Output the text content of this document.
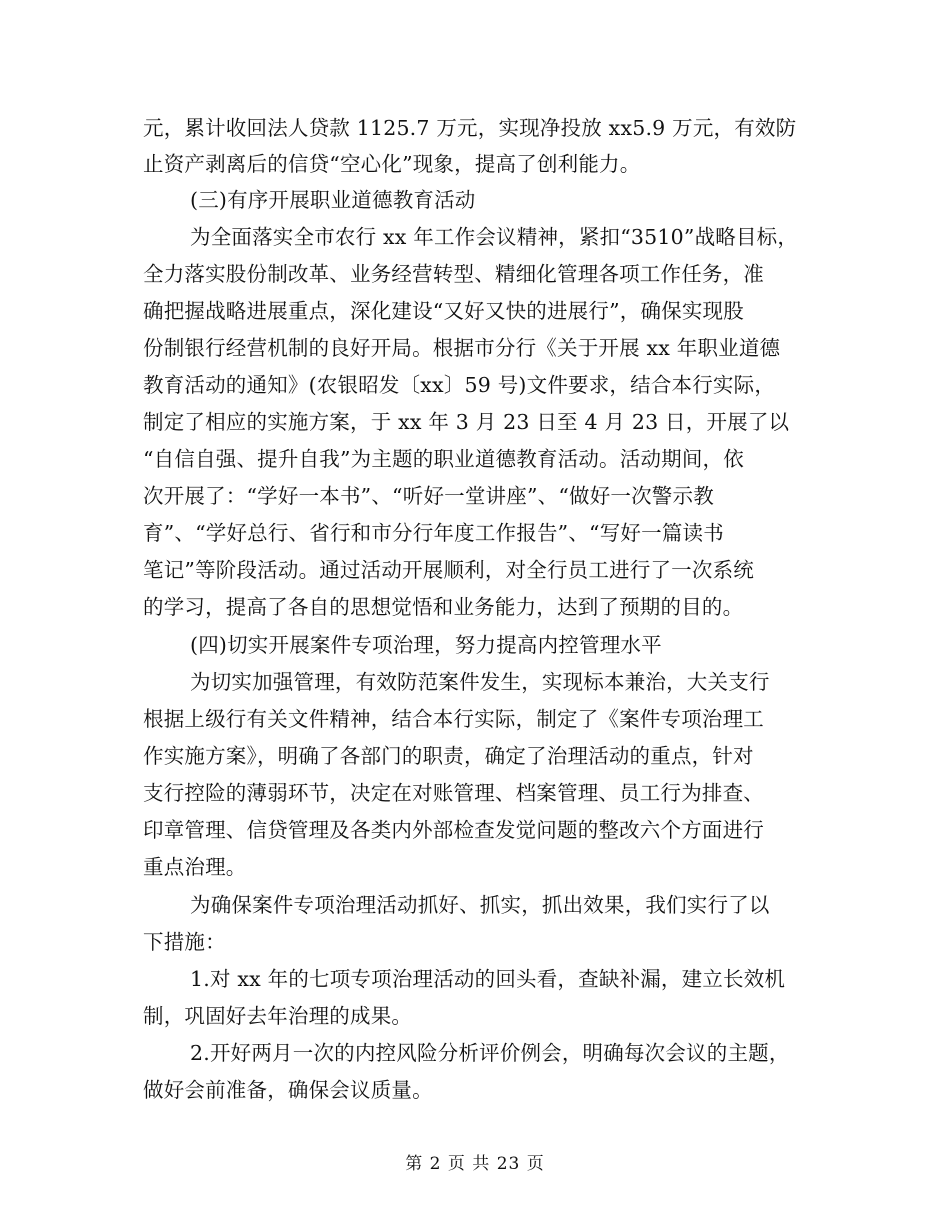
元，累计收回法人贷款 1125.7 万元，实现净投放 xx5.9 万元，有效防
止资产剥离后的信贷“空心化”现象，提高了创利能力。
(三)有序开展职业道德教育活动
为全面落实全市农行 xx 年工作会议精神，紧扣“3510”战略目标，
全力落实股份制改革、业务经营转型、精细化管理各项工作任务，准
确把握战略进展重点，深化建设“又好又快的进展行”，确保实现股
份制银行经营机制的良好开局。根据市分行《关于开展 xx 年职业道德
教育活动的通知》(农银昭发〔xx〕59 号)文件要求，结合本行实际，
制定了相应的实施方案，于 xx 年 3 月 23 日至 4 月 23 日，开展了以
“自信自强、提升自我”为主题的职业道德教育活动。活动期间，依
次开展了：“学好一本书”、“听好一堂讲座”、“做好一次警示教
育”、“学好总行、省行和市分行年度工作报告”、“写好一篇读书
笔记”等阶段活动。通过活动开展顺利，对全行员工进行了一次系统
的学习，提高了各自的思想觉悟和业务能力，达到了预期的目的。
(四)切实开展案件专项治理，努力提高内控管理水平
为切实加强管理，有效防范案件发生，实现标本兼治，大关支行
根据上级行有关文件精神，结合本行实际，制定了《案件专项治理工
作实施方案》，明确了各部门的职责，确定了治理活动的重点，针对
支行控险的薄弱环节，决定在对账管理、档案管理、员工行为排查、
印章管理、信贷管理及各类内外部检查发觉问题的整改六个方面进行
重点治理。
为确保案件专项治理活动抓好、抓实，抓出效果，我们实行了以
下措施：
1.对 xx 年的七项专项治理活动的回头看，查缺补漏，建立长效机
制，巩固好去年治理的成果。
2.开好两月一次的内控风险分析评价例会，明确每次会议的主题，
做好会前准备，确保会议质量。
第 2 页 共 23 页
